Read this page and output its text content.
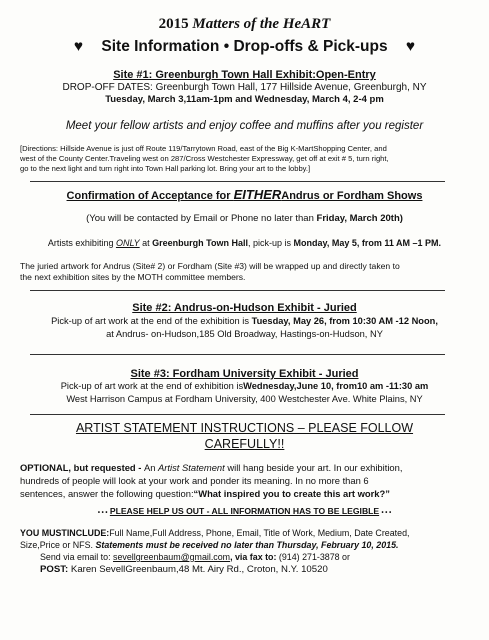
2015 Matters of the HeART
♥ Site Information • Drop-offs & Pick-ups ♥
Site #1: Greenburgh Town Hall Exhibit:Open-Entry
DROP-OFF DATES: Greenburgh Town Hall, 177 Hillside Avenue, Greenburgh, NY
Tuesday, March 3,11am-1pm and Wednesday, March 4, 2-4 pm
Meet your fellow artists and enjoy coffee and muffins after you register
[Directions: Hillside Avenue is just off Route 119/Tarrytown Road, east of the Big K-MartShopping Center, and
west of the County Center.Traveling west on 287/Cross Westchester Expressway, get off at exit # 5, turn right,
go to the next light and turn right into Town Hall parking lot. Bring your art to the lobby.]
Confirmation of Acceptance for EITHERAndrus or Fordham Shows
(You will be contacted by Email or Phone no later than Friday, March 20th)
Artists exhibiting ONLY at Greenburgh Town Hall, pick-up is Monday, May 5, from 11 AM –1 PM.
The juried artwork for Andrus (Site# 2) or Fordham (Site #3) will be wrapped up and directly taken to
the next exhibition sites by the MOTH committee members.
Site #2: Andrus-on-Hudson Exhibit - Juried
Pick-up of art work at the end of the exhibition is Tuesday, May 26, from 10:30 AM -12 Noon,
at Andrus- on-Hudson,185 Old Broadway, Hastings-on-Hudson, NY
Site #3: Fordham University Exhibit - Juried
Pick-up of art work at the end of exhibition isWednesday,June 10, from10 am -11:30 am
West Harrison Campus at Fordham University, 400 Westchester Ave. White Plains, NY
ARTIST STATEMENT INSTRUCTIONS – PLEASE FOLLOW
CAREFULLY!!
OPTIONAL, but requested - An Artist Statement will hang beside your art. In our exhibition,
hundreds of people will look at your work and ponder its meaning. In no more than 6
sentences, answer the following question:“What inspired you to create this art work?”
• • • PLEASE HELP US OUT - ALL INFORMATION HAS TO BE LEGIBLE • • •
YOU MUSTINCLUDE:Full Name,Full Address, Phone, Email, Title of Work, Medium, Date Created,
Size,Price or NFS. Statements must be received no later than Thursday, February 10, 2015.
Send via email to: sevellgreenbaum@gmail.com, via fax to: (914) 271-3878 or
POST: Karen SevellGreenbaum,48 Mt. Airy Rd., Croton, N.Y. 10520
